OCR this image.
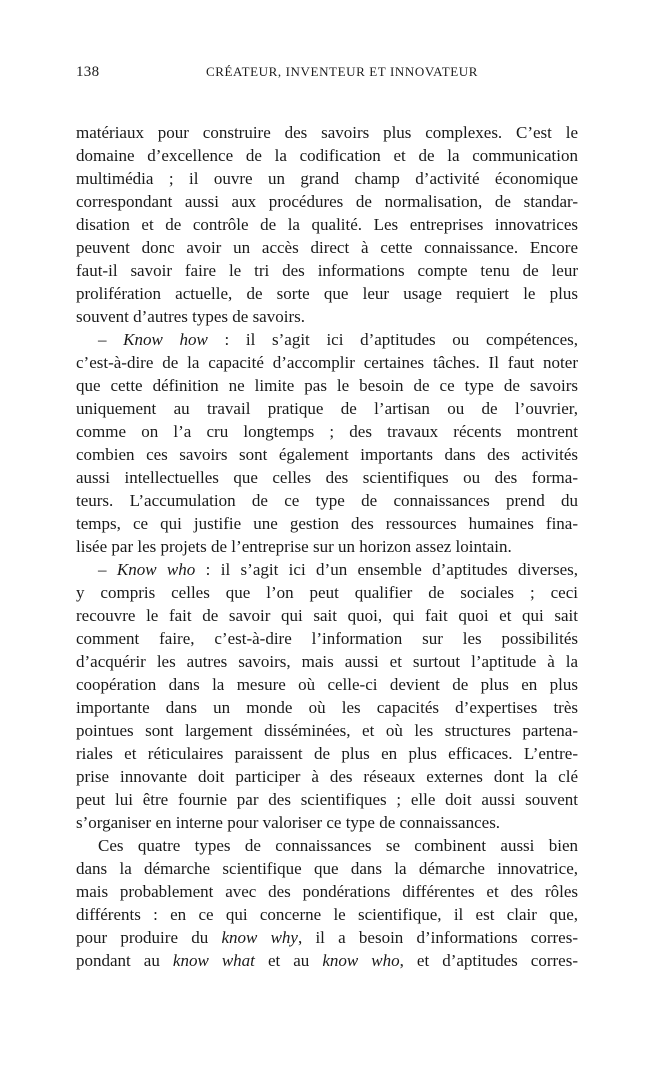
138	CRÉATEUR, INVENTEUR ET INNOVATEUR
matériaux pour construire des savoirs plus complexes. C’est le
domaine d’excellence de la codification et de la communication
multimédia ; il ouvre un grand champ d’activité économique
correspondant aussi aux procédures de normalisation, de standar-
disation et de contrôle de la qualité. Les entreprises innovatrices
peuvent donc avoir un accès direct à cette connaissance. Encore
faut-il savoir faire le tri des informations compte tenu de leur
prolifération actuelle, de sorte que leur usage requiert le plus
souvent d’autres types de savoirs.
– Know how : il s’agit ici d’aptitudes ou compétences,
c’est-à-dire de la capacité d’accomplir certaines tâches. Il faut noter
que cette définition ne limite pas le besoin de ce type de savoirs
uniquement au travail pratique de l’artisan ou de l’ouvrier,
comme on l’a cru longtemps ; des travaux récents montrent
combien ces savoirs sont également importants dans des activités
aussi intellectuelles que celles des scientifiques ou des forma-
teurs. L’accumulation de ce type de connaissances prend du
temps, ce qui justifie une gestion des ressources humaines fina-
lisée par les projets de l’entreprise sur un horizon assez lointain.
– Know who : il s’agit ici d’un ensemble d’aptitudes diverses,
y compris celles que l’on peut qualifier de sociales ; ceci
recouvre le fait de savoir qui sait quoi, qui fait quoi et qui sait
comment faire, c’est-à-dire l’information sur les possibilités
d’acquérir les autres savoirs, mais aussi et surtout l’aptitude à la
coopération dans la mesure où celle-ci devient de plus en plus
importante dans un monde où les capacités d’expertises très
pointues sont largement disséminées, et où les structures partena-
riales et réticulaires paraissent de plus en plus efficaces. L’entre-
prise innovante doit participer à des réseaux externes dont la clé
peut lui être fournie par des scientifiques ; elle doit aussi souvent
s’organiser en interne pour valoriser ce type de connaissances.
Ces quatre types de connaissances se combinent aussi bien
dans la démarche scientifique que dans la démarche innovatrice,
mais probablement avec des pondérations différentes et des rôles
différents : en ce qui concerne le scientifique, il est clair que,
pour produire du know why, il a besoin d’informations corres-
pondant au know what et au know who, et d’aptitudes corres-
